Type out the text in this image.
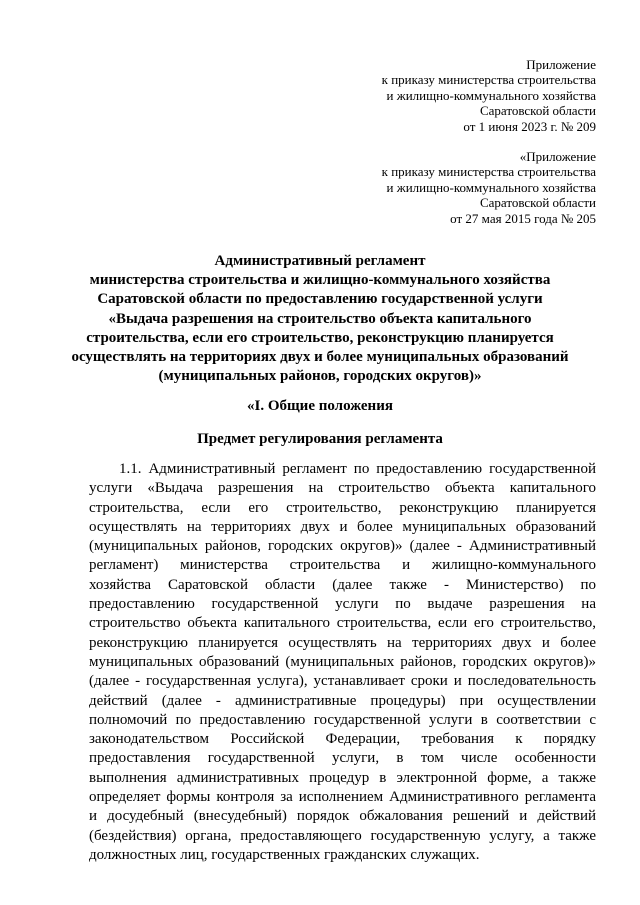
Приложение
к приказу министерства строительства
и жилищно-коммунального хозяйства
Саратовской области
от 1 июня 2023 г. № 209
«Приложение
к приказу министерства строительства
и жилищно-коммунального хозяйства
Саратовской области
от 27 мая 2015 года № 205
Административный регламент
министерства строительства и жилищно-коммунального хозяйства
Саратовской области по предоставлению государственной услуги
«Выдача разрешения на строительство объекта капитального
строительства, если его строительство, реконструкцию планируется
осуществлять на территориях двух и более муниципальных образований
(муниципальных районов, городских округов)»
«I. Общие положения
Предмет регулирования регламента
1.1. Административный регламент по предоставлению государственной
услуги «Выдача разрешения на строительство объекта капитального
строительства, если его строительство, реконструкцию планируется
осуществлять на территориях двух и более муниципальных образований
(муниципальных районов, городских округов)» (далее - Административный
регламент) министерства строительства и жилищно-коммунального
хозяйства Саратовской области (далее также - Министерство) по
предоставлению государственной услуги по выдаче разрешения на
строительство объекта капитального строительства, если его строительство,
реконструкцию планируется осуществлять на территориях двух и более
муниципальных образований (муниципальных районов, городских округов)»
(далее - государственная услуга), устанавливает сроки и последовательность
действий (далее - административные процедуры) при осуществлении
полномочий по предоставлению государственной услуги в соответствии с
законодательством Российской Федерации, требования к порядку
предоставления государственной услуги, в том числе особенности
выполнения административных процедур в электронной форме, а также
определяет формы контроля за исполнением Административного регламента
и досудебный (внесудебный) порядок обжалования решений и действий
(бездействия) органа, предоставляющего государственную услугу, а также
должностных лиц, государственных гражданских служащих.
